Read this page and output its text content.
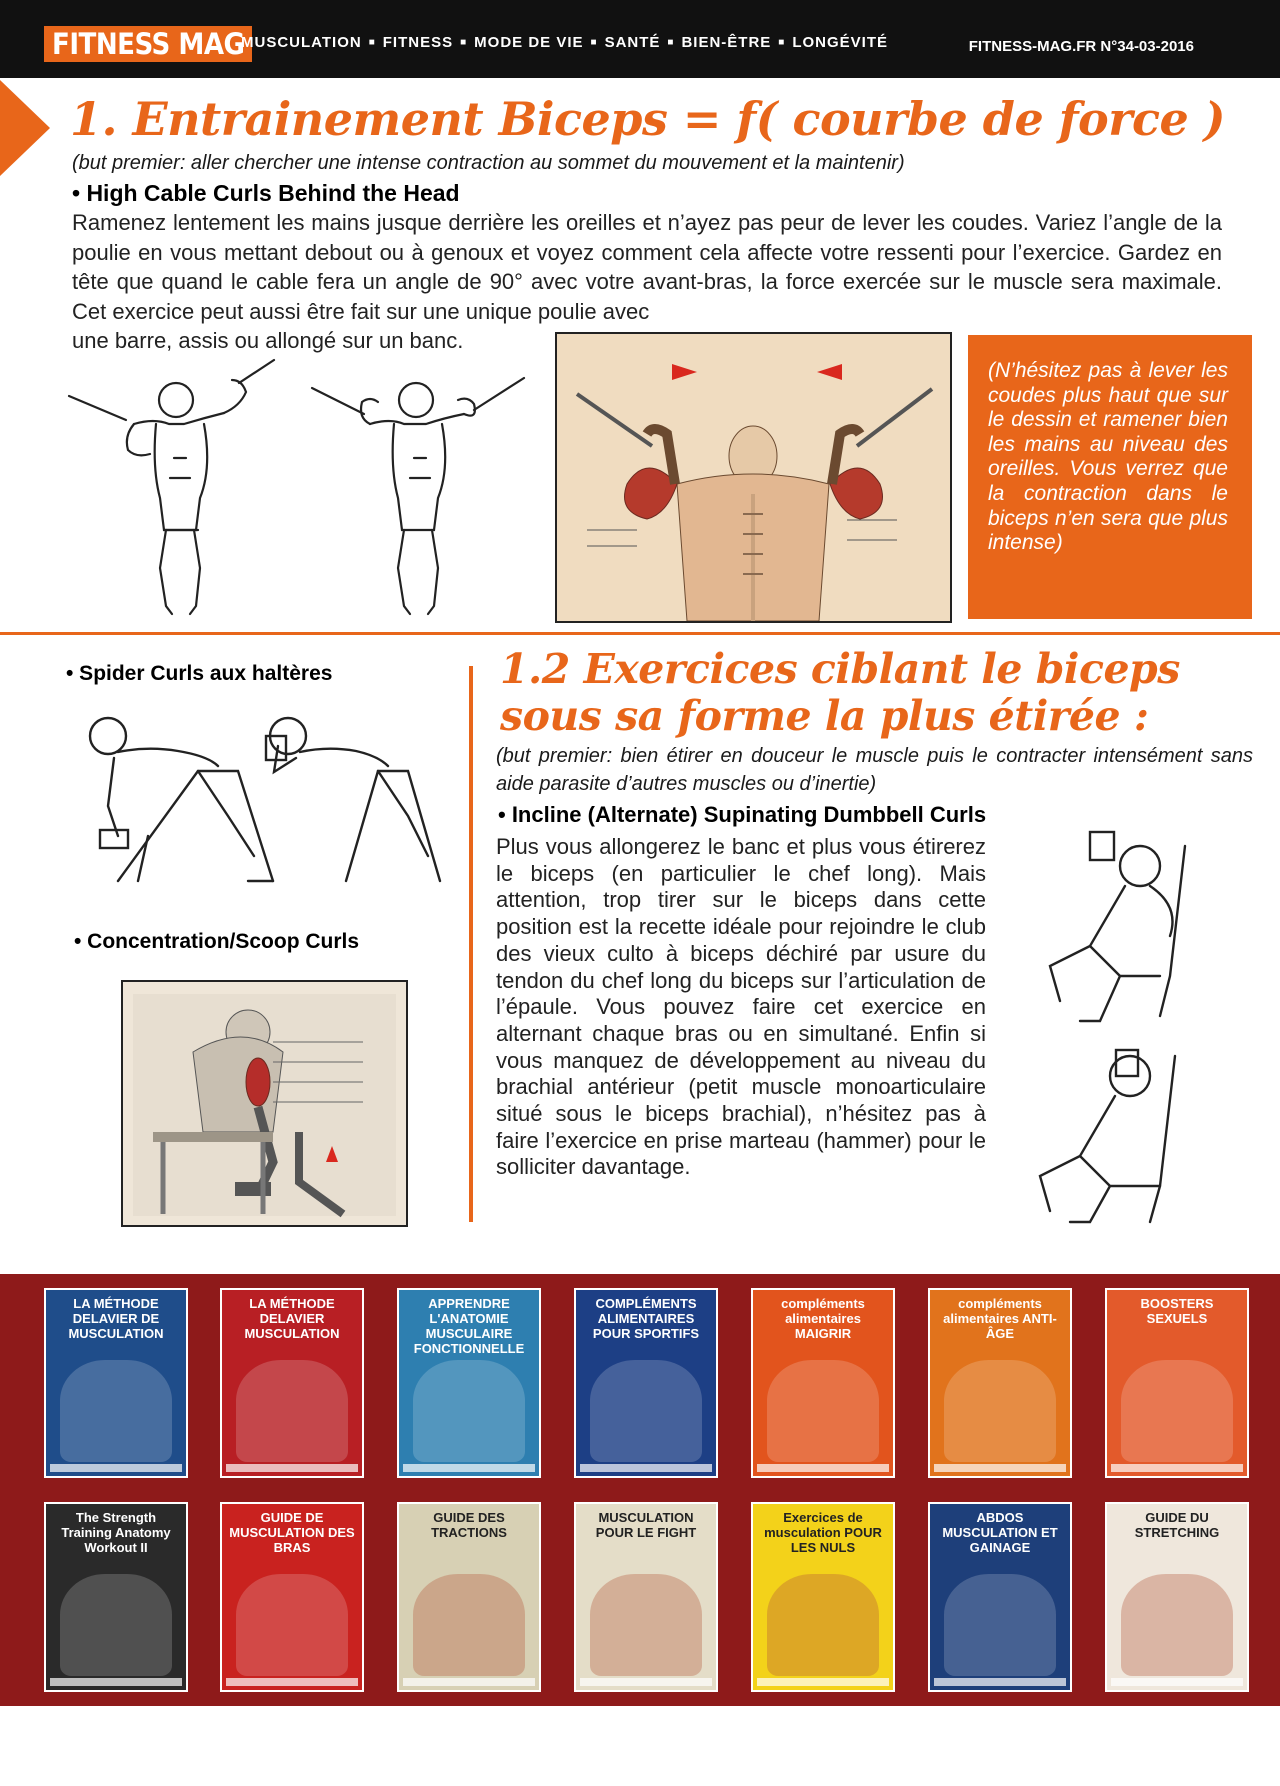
FITNESS MAG
MUSCULATION ■ FITNESS ■ MODE DE VIE ■ SANTÉ ■ BIEN-ÊTRE ■ LONGÉVITÉ	FITNESS-MAG.FR N°34-03-2016
1. Entrainement Biceps = f( courbe de force )
(but premier: aller chercher une intense contraction au sommet du mouvement et la maintenir)
• High Cable Curls Behind the Head
Ramenez lentement les mains jusque derrière les oreilles et n’ayez pas peur de lever les coudes. Variez l’angle de la poulie en vous mettant debout ou à genoux et voyez comment cela affecte votre ressenti pour l’exercice. Gardez en tête que quand le cable fera un angle de 90° avec votre avant-bras, la force exercée sur le muscle sera maximale. Cet exercice peut aussi être fait sur une unique poulie avec
une barre, assis ou allongé sur un banc.
(N’hésitez pas à lever les coudes plus haut que sur le dessin et ramener bien les mains au niveau des oreilles. Vous verrez que la contraction dans le biceps n’en sera que plus intense)
• Spider Curls aux haltères
• Concentration/Scoop Curls
1.2 Exercices ciblant le biceps sous sa forme la plus étirée :
(but premier: bien étirer en douceur le muscle puis le contracter intensément sans aide parasite d’autres muscles ou d’inertie)
• Incline (Alternate) Supinating Dumbbell Curls
Plus vous allongerez le banc et plus vous étirerez le biceps (en particulier le chef long). Mais attention, trop tirer sur le biceps dans cette position est la recette idéale pour rejoindre le club des vieux culto à biceps déchiré par usure du tendon du chef long du biceps sur l’articulation de l’épaule. Vous pouvez faire cet exercice en alternant chaque bras ou en simultané. Enfin si vous manquez de développement au niveau du brachial antérieur (petit muscle monoarticulaire situé sous le biceps brachial), n’hésitez pas à faire l’exercice en prise marteau (hammer) pour le solliciter davantage.
LA MÉTHODE DELAVIER DE MUSCULATION
LA MÉTHODE DELAVIER MUSCULATION
APPRENDRE L'ANATOMIE MUSCULAIRE FONCTIONNELLE
COMPLÉMENTS ALIMENTAIRES POUR SPORTIFS
compléments alimentaires MAIGRIR
compléments alimentaires ANTI-ÂGE
BOOSTERS SEXUELS
The Strength Training Anatomy Workout II
GUIDE DE MUSCULATION DES BRAS
GUIDE DES TRACTIONS
MUSCULATION POUR LE FIGHT
Exercices de musculation POUR LES NULS
ABDOS MUSCULATION ET GAINAGE
GUIDE DU STRETCHING
